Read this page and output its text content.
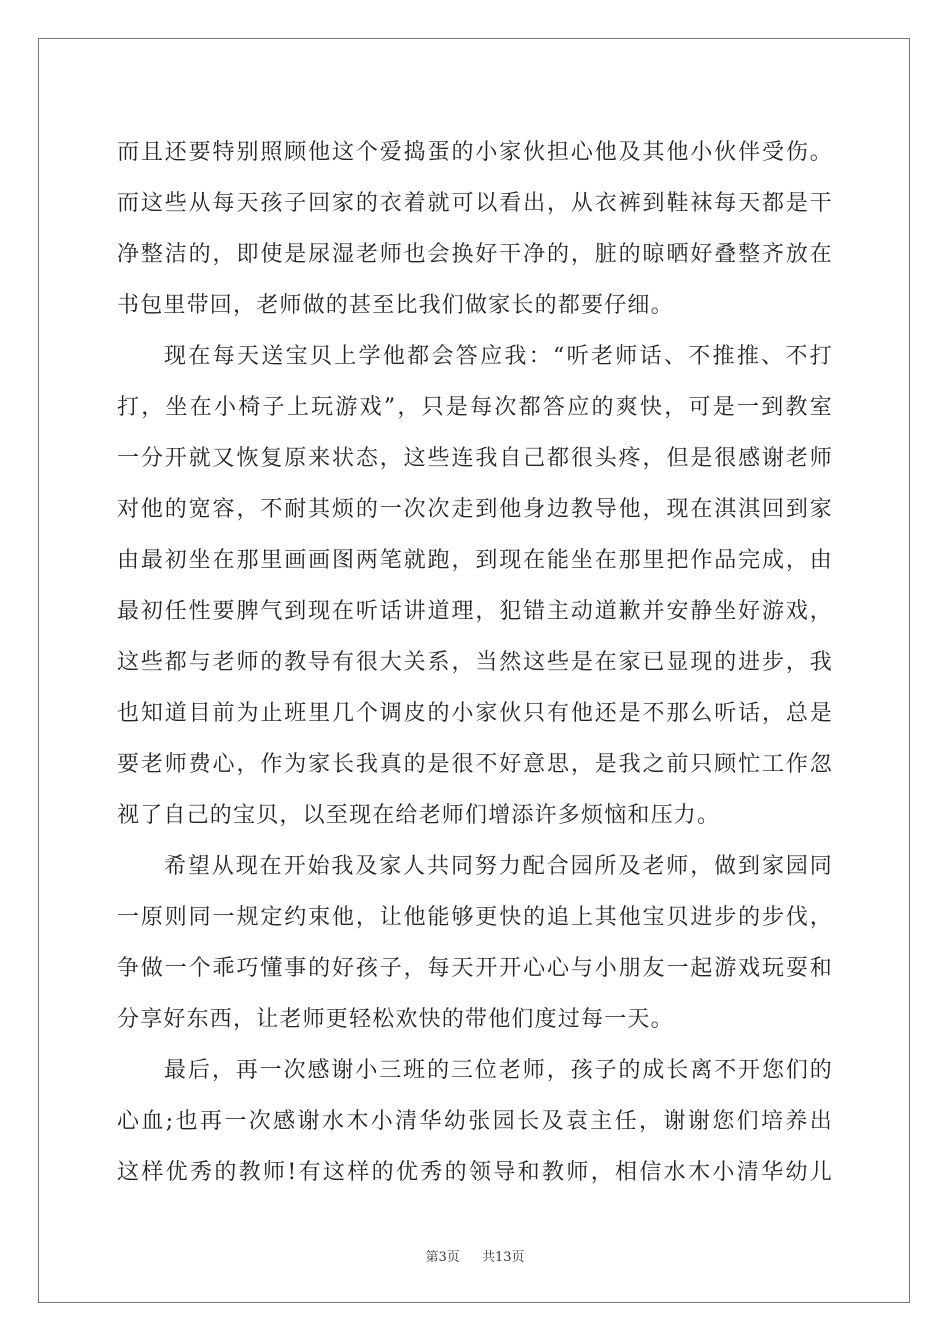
而且还要特别照顾他这个爱捣蛋的小家伙担心他及其他小伙伴受伤。
而这些从每天孩子回家的衣着就可以看出，从衣裤到鞋袜每天都是干
净整洁的，即使是尿湿老师也会换好干净的，脏的晾晒好叠整齐放在
书包里带回，老师做的甚至比我们做家长的都要仔细。
现在每天送宝贝上学他都会答应我：“听老师话、不推推、不打
打，坐在小椅子上玩游戏”，只是每次都答应的爽快，可是一到教室
一分开就又恢复原来状态，这些连我自己都很头疼，但是很感谢老师
对他的宽容，不耐其烦的一次次走到他身边教导他，现在淇淇回到家
由最初坐在那里画画图两笔就跑，到现在能坐在那里把作品完成，由
最初任性要脾气到现在听话讲道理，犯错主动道歉并安静坐好游戏，
这些都与老师的教导有很大关系，当然这些是在家已显现的进步，我
也知道目前为止班里几个调皮的小家伙只有他还是不那么听话，总是
要老师费心，作为家长我真的是很不好意思，是我之前只顾忙工作忽
视了自己的宝贝，以至现在给老师们增添许多烦恼和压力。
希望从现在开始我及家人共同努力配合园所及老师，做到家园同
一原则同一规定约束他，让他能够更快的追上其他宝贝进步的步伐，
争做一个乖巧懂事的好孩子，每天开开心心与小朋友一起游戏玩耍和
分享好东西，让老师更轻松欢快的带他们度过每一天。
最后，再一次感谢小三班的三位老师，孩子的成长离不开您们的
心血;也再一次感谢水木小清华幼张园长及袁主任，谢谢您们培养出
这样优秀的教师!有这样的优秀的领导和教师，相信水木小清华幼儿
第3页 共13页
